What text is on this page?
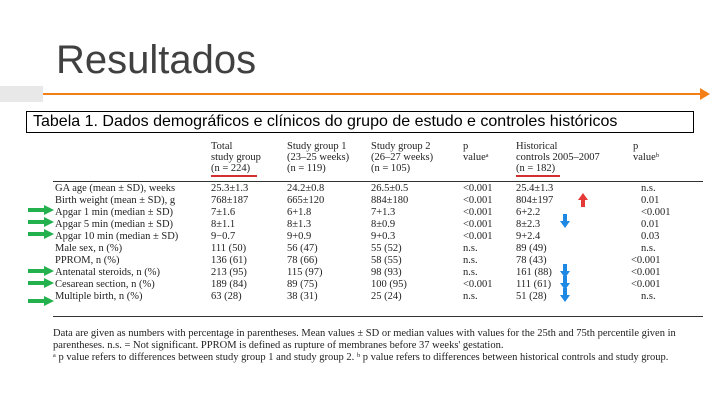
Resultados
Tabela 1. Dados demográficos e clínicos do grupo de estudo e controles históricos
Total
study group
(n = 224)
Study group 1
(23–25 weeks)
(n = 119)
Study group 2
(26–27 weeks)
(n = 105)
p
valueᵃ
Historical
controls 2005–2007
(n = 182)
p
valueᵇ
GA age (mean ± SD), weeks	25.3±1.3	24.2±0.8	26.5±0.5	<0.001 25.4±1.3	n.s.
Birth weight (mean ± SD), g	768±187	665±120	884±180	<0.001 804±197	0.01
Apgar 1 min (median ± SD)	7±1.6	6+1.8	7+1.3	<0.001 6+2.2	<0.001
Apgar 5 min (median ± SD)	8±1.1	8±1.3	8±0.9	<0.001 8±2.3	0.01
Apgar 10 min (median ± SD)	9−0.7	9+0.9	9+0.3	<0.001 9+2.4	0.03
Male sex, n (%)	111 (50)	56 (47)	55 (52)	n.s.	89 (49)	n.s.
PPROM, n (%)	136 (61)	78 (66)	58 (55)	n.s.	78 (43)	<0.001
Antenatal steroids, n (%)	213 (95)	115 (97)	98 (93)	n.s.	161 (88)	<0.001
Cesarean section, n (%)	189 (84)	89 (75)	100 (95)	<0.001 111 (61)	<0.001
Multiple birth, n (%)	63 (28)	38 (31)	25 (24)	n.s.	51 (28)	n.s.

Data are given as numbers with percentage in parentheses. Mean values ± SD or median values with values for the 25th and 75th percentile given in parentheses. n.s. = Not significant. PPROM is defined as rupture of membranes before 37 weeks' gestation.

ᵃ p value refers to differences between study group 1 and study group 2. ᵇ p value refers to differences between historical controls and study group.
